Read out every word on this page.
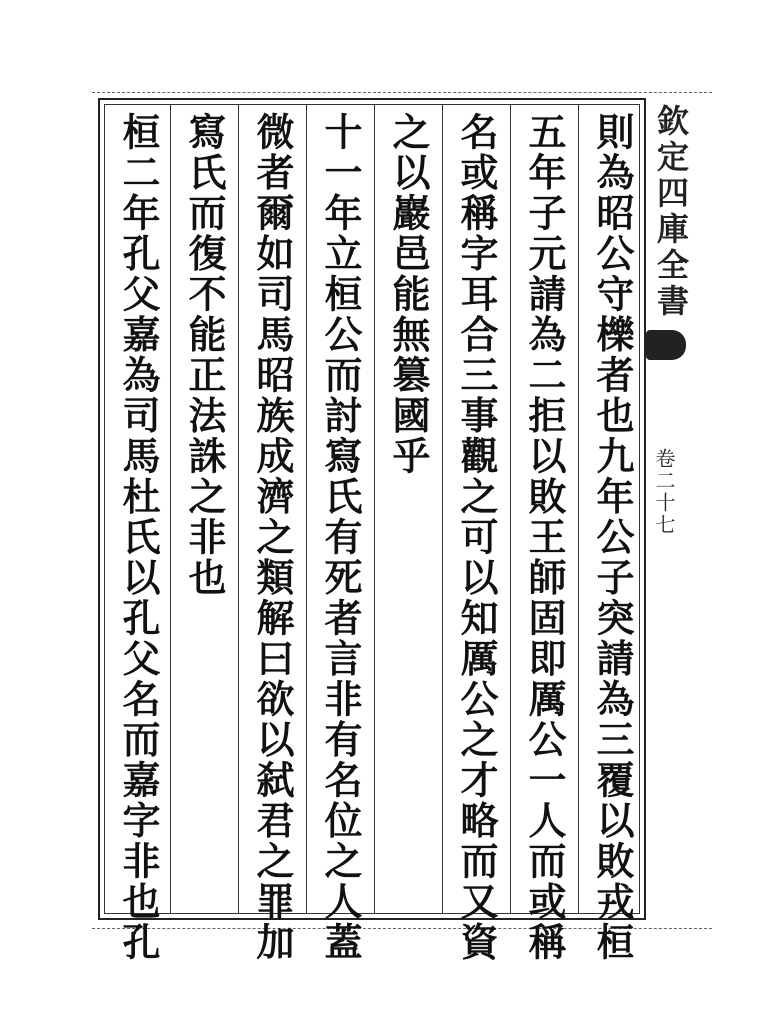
欽定四庫全書
卷二十七
則為昭公守櫟者也九年公子突請為三覆以敗戎桓
五年子元請為二拒以敗王師固即厲公一人而或稱
名或稱字耳合三事觀之可以知厲公之才略而又資
之以巖邑能無篡國乎
十一年立桓公而討寫氏有死者言非有名位之人蓋
微者爾如司馬昭族成濟之類解曰欲以弑君之罪加
寫氏而復不能正法誅之非也
桓二年孔父嘉為司馬杜氏以孔父名而嘉字非也孔
